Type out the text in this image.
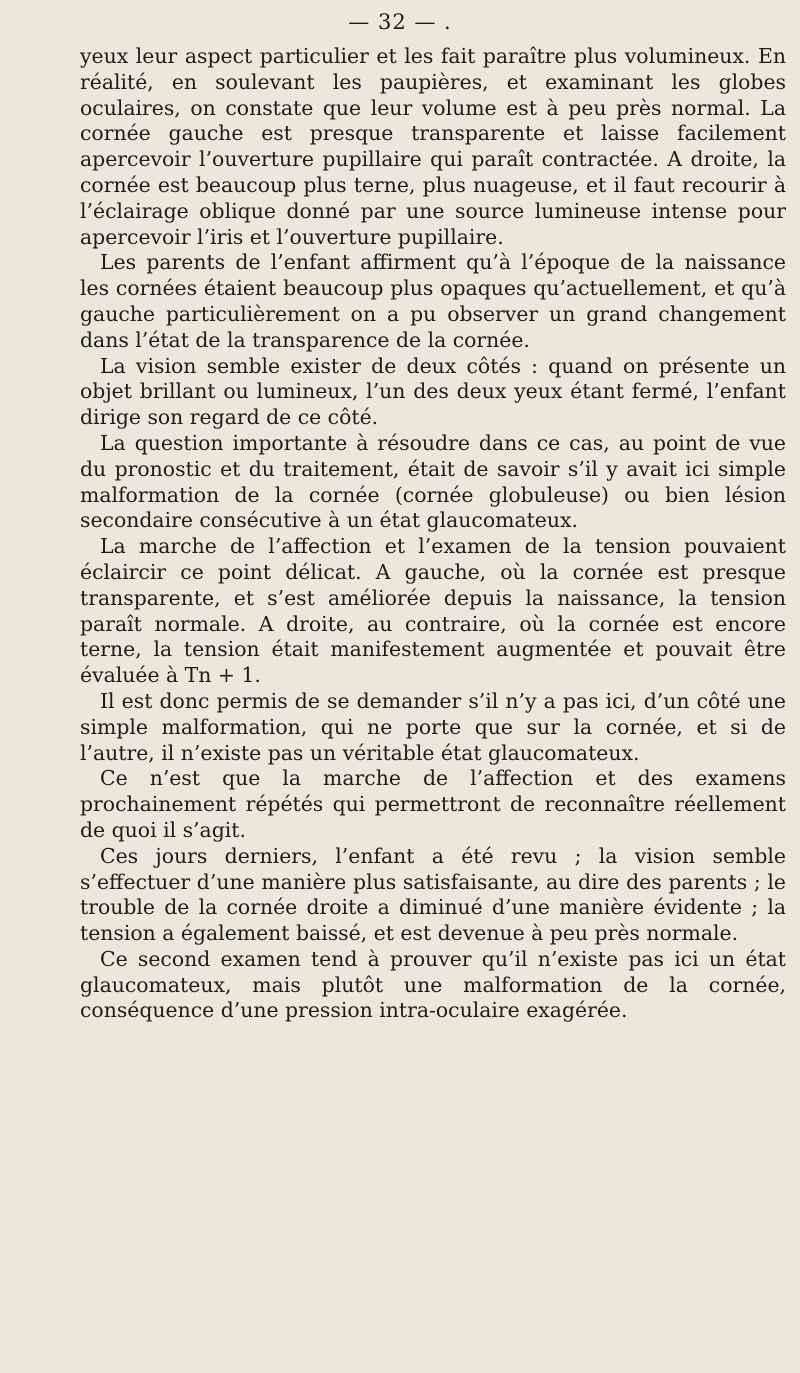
— 32 — .

yeux leur aspect particulier et les fait paraître plus volumineux. En réalité, en soulevant les paupières, et examinant les globes oculaires, on constate que leur volume est à peu près normal. La cornée gauche est presque transparente et laisse facilement apercevoir l’ouverture pupillaire qui paraît contractée. A droite, la cornée est beaucoup plus terne, plus nuageuse, et il faut recourir à l’éclairage oblique donné par une source lumineuse intense pour apercevoir l’iris et l’ouverture pupillaire.

Les parents de l’enfant affirment qu’à l’époque de la naissance les cornées étaient beaucoup plus opaques qu’actuellement, et qu’à gauche particulièrement on a pu observer un grand changement dans l’état de la transparence de la cornée.

La vision semble exister de deux côtés : quand on présente un objet brillant ou lumineux, l’un des deux yeux étant fermé, l’enfant dirige son regard de ce côté.

La question importante à résoudre dans ce cas, au point de vue du pronostic et du traitement, était de savoir s’il y avait ici simple malformation de la cornée (cornée globuleuse) ou bien lésion secondaire consécutive à un état glaucomateux.

La marche de l’affection et l’examen de la tension pouvaient éclaircir ce point délicat. A gauche, où la cornée est presque transparente, et s’est améliorée depuis la naissance, la tension paraît normale. A droite, au contraire, où la cornée est encore terne, la tension était manifestement augmentée et pouvait être évaluée à Tn + 1.

Il est donc permis de se demander s’il n’y a pas ici, d’un côté une simple malformation, qui ne porte que sur la cornée, et si de l’autre, il n’existe pas un véritable état glaucomateux.

Ce n’est que la marche de l’affection et des examens prochainement répétés qui permettront de reconnaître réellement de quoi il s’agit.

Ces jours derniers, l’enfant a été revu ; la vision semble s’effectuer d’une manière plus satisfaisante, au dire des parents ; le trouble de la cornée droite a diminué d’une manière évidente ; la tension a également baissé, et est devenue à peu près normale.

Ce second examen tend à prouver qu’il n’existe pas ici un état glaucomateux, mais plutôt une malformation de la cornée, conséquence d’une pression intra-oculaire exagérée.
